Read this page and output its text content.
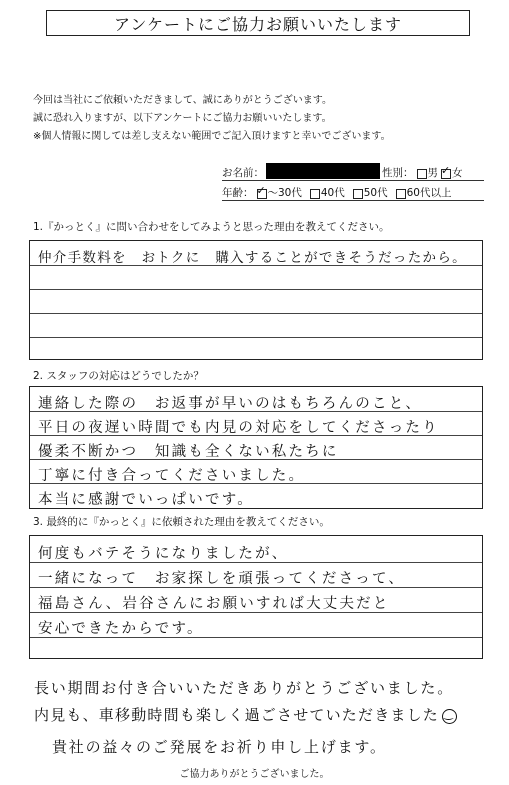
アンケートにご協力お願いいたします
今回は当社にご依頼いただきまして、誠にありがとうございます。
誠に恐れ入りますが、以下アンケートにご協力お願いいたします。
※個人情報に関しては差し支えない範囲でご記入頂けますと幸いでございます。
お名前：	性別： 男 ✓ 女
年齢： ✓ ～30代 40代 50代 60代以上
1.『かっとく』に問い合わせをしてみようと思った理由を教えてください。
仲介手数料を　おトクに　購入することができそうだったから。
2. スタッフの対応はどうでしたか？
連絡した際の　お返事が早いのはもちろんのこと、
平日の夜遅い時間でも内見の対応をしてくださったり
優柔不断かつ　知識も全くない私たちに
丁寧に付き合ってくださいました。
本当に感謝でいっぱいです。
3. 最終的に『かっとく』に依頼された理由を教えてください。
何度もバテそうになりましたが、
一緒になって　お家探しを頑張ってくださって、
福島さん、岩谷さんにお願いすれば大丈夫だと
安心できたからです。
長い期間お付き合いいただきありがとうございました。
内見も、車移動時間も楽しく過ごさせていただきました‿
貴社の益々のご発展をお祈り申し上げます。
ご協力ありがとうございました。
